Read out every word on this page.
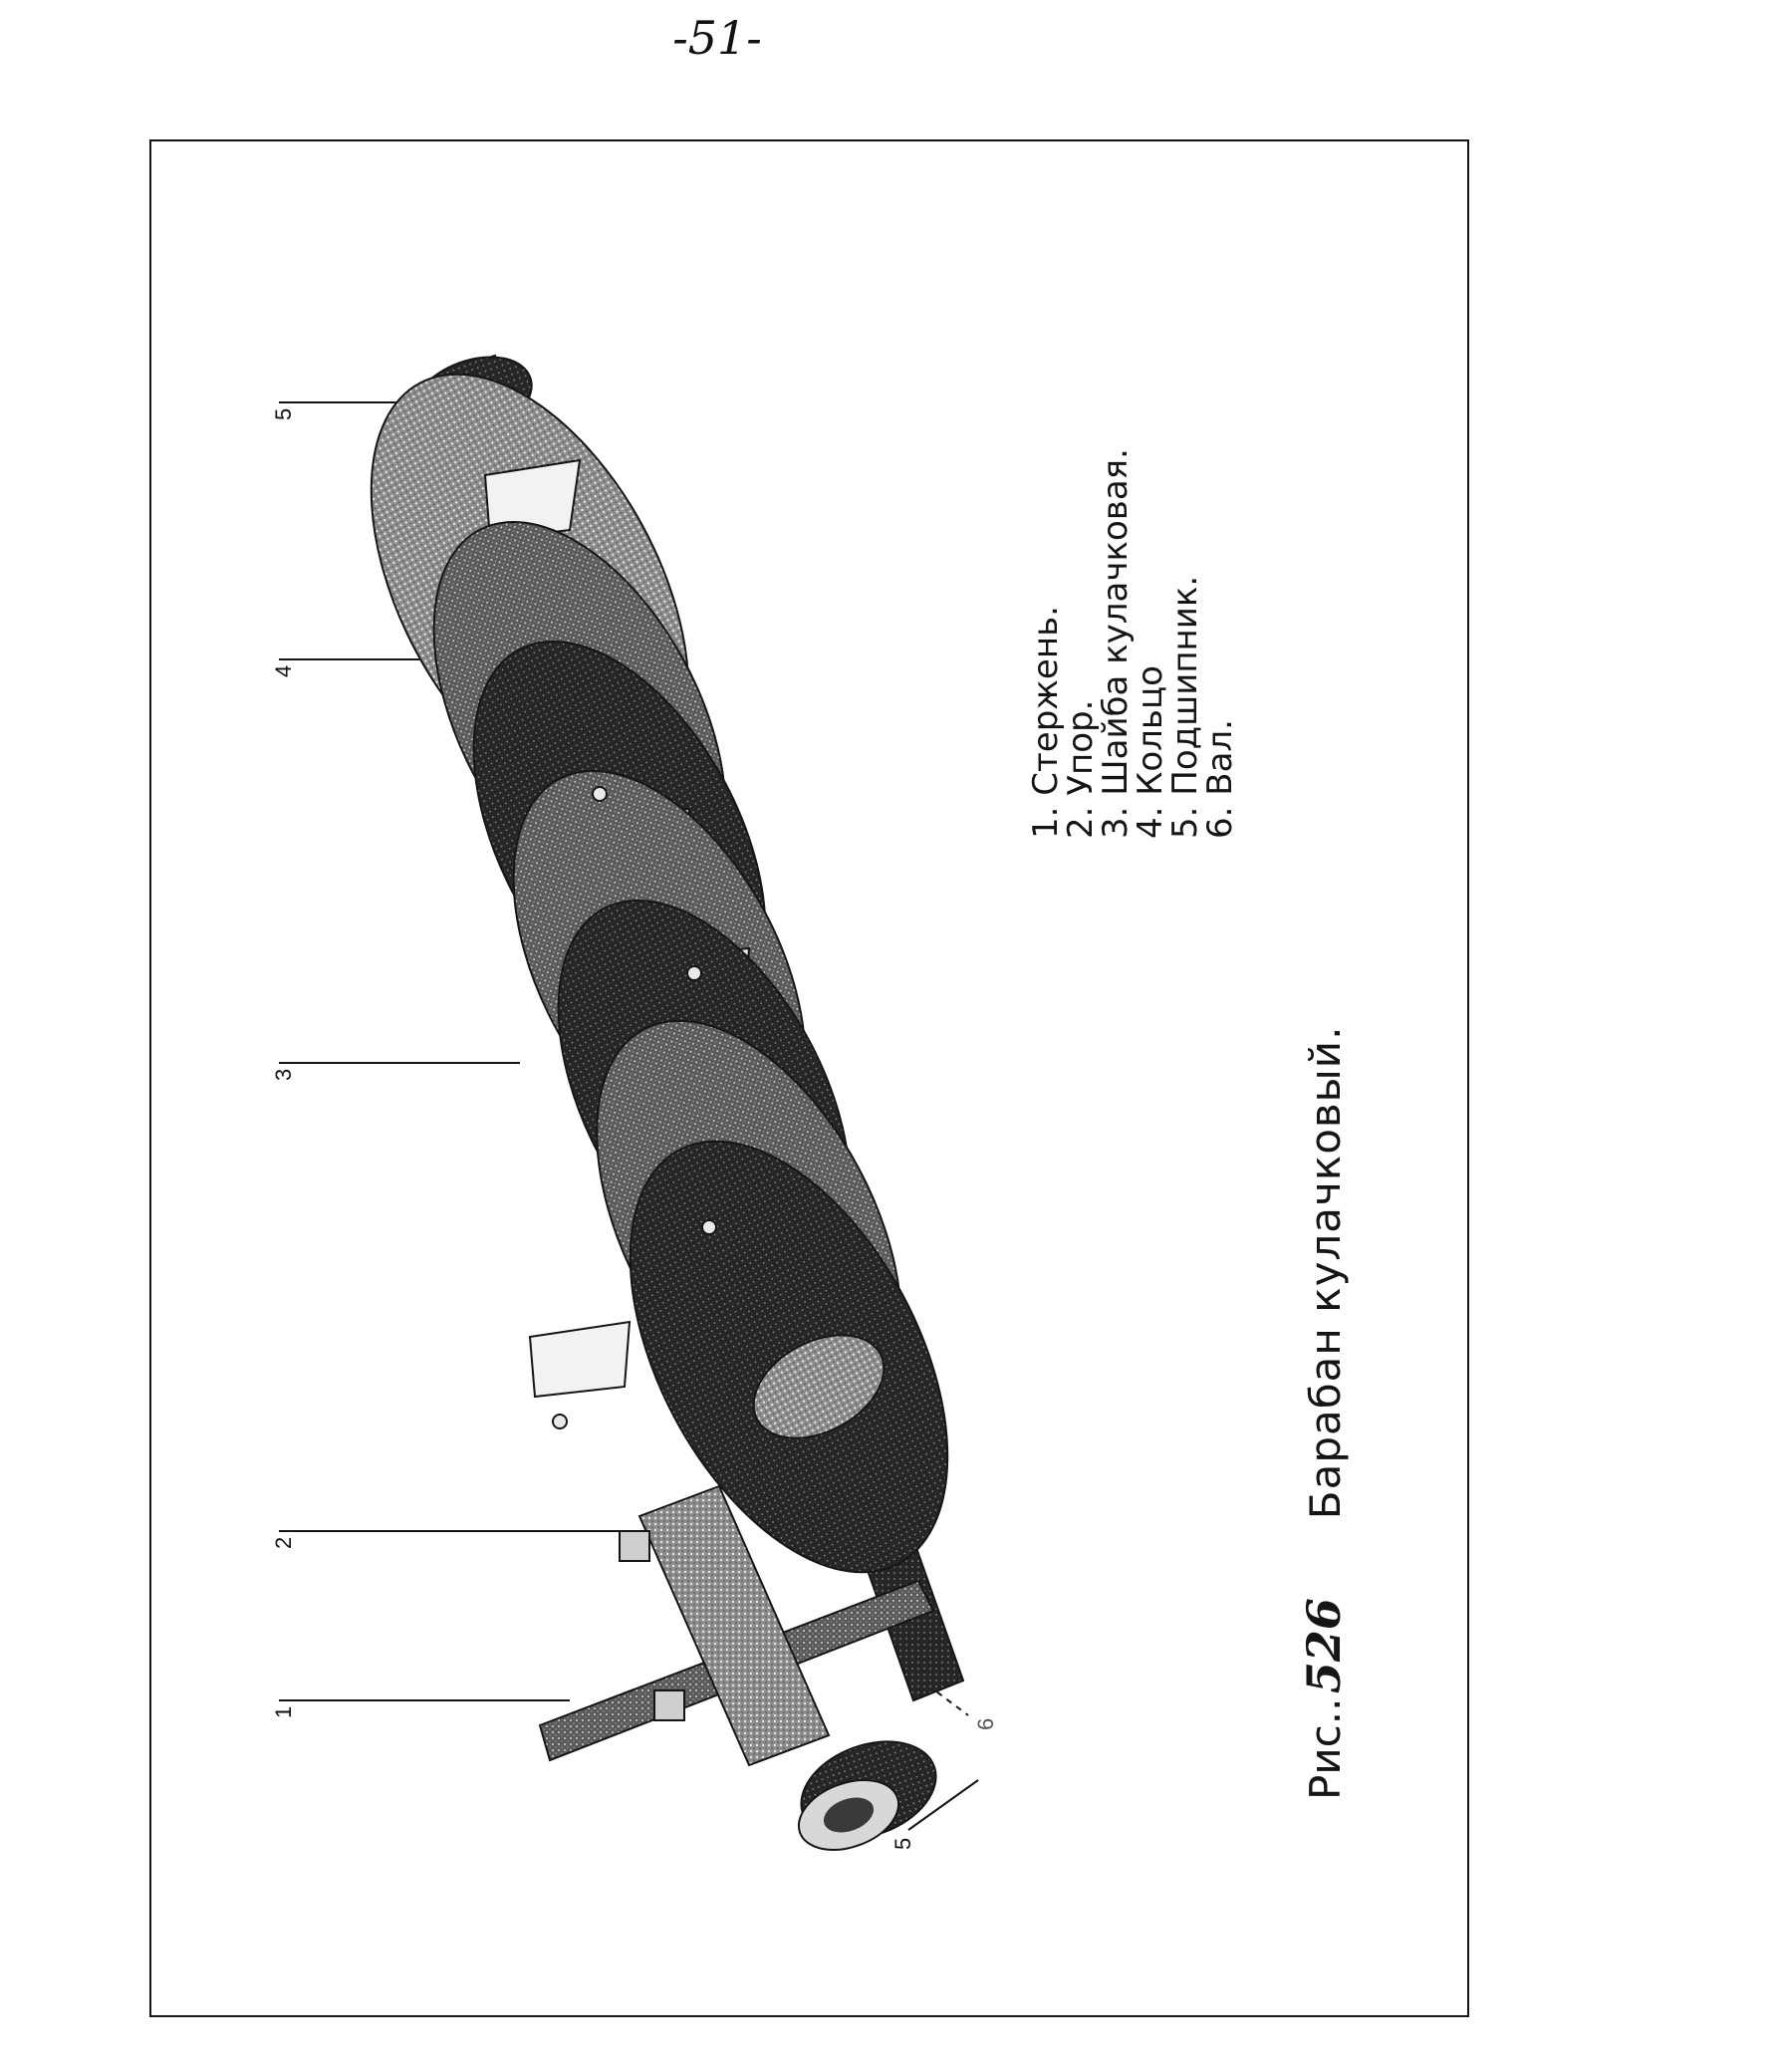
-51-
5
4
3
2
1
5
6
1. Стержень.
2. Упор.
3. Шайба кулачковая.
4. Кольцо
5. Подшипник.
6. Вал.
Рис.. 526  Барабан кулачковый.
